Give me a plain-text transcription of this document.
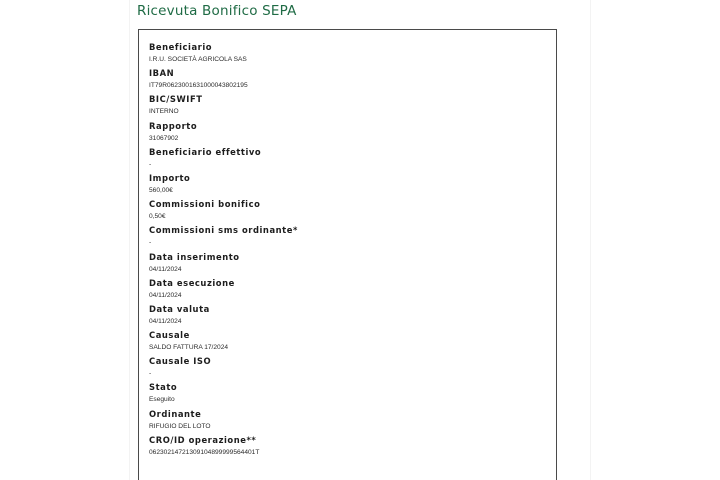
Ricevuta Bonifico SEPA
Beneficiario
I.R.U. SOCIETÀ AGRICOLA SAS
IBAN
IT79R0623001631000043802195
BIC/SWIFT
INTERNO
Rapporto
31067902
Beneficiario effettivo
-
Importo
560,00€
Commissioni bonifico
0,50€
Commissioni sms ordinante*
-
Data inserimento
04/11/2024
Data esecuzione
04/11/2024
Data valuta
04/11/2024
Causale
SALDO FATTURA 17/2024
Causale ISO
-
Stato
Eseguito
Ordinante
RIFUGIO DEL LOTO
CRO/ID operazione**
06230214721309104899999564401T
